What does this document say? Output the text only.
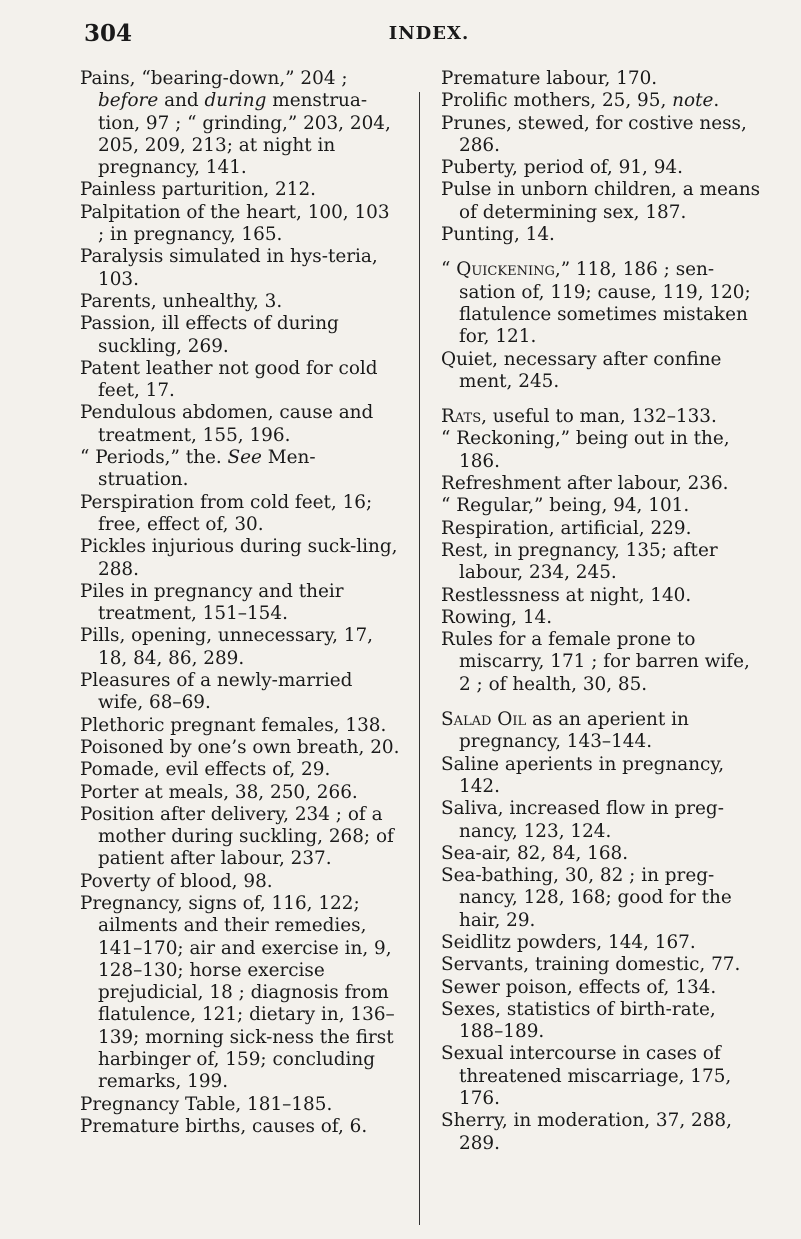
304	INDEX.
Pains, “bearing-down,” 204 ; before and during menstrua-tion, 97 ; “ grinding,” 203, 204, 205, 209, 213; at night in pregnancy, 141.
Painless parturition, 212.
Palpitation of the heart, 100, 103 ; in pregnancy, 165.
Paralysis simulated in hys-teria, 103.
Parents, unhealthy, 3.
Passion, ill effects of during suckling, 269.
Patent leather not good for cold feet, 17.
Pendulous abdomen, cause and treatment, 155, 196.
“ Periods,” the. See Men-struation.
Perspiration from cold feet, 16; free, effect of, 30.
Pickles injurious during suck-ling, 288.
Piles in pregnancy and their treatment, 151–154.
Pills, opening, unnecessary, 17, 18, 84, 86, 289.
Pleasures of a newly-married wife, 68–69.
Plethoric pregnant females, 138.
Poisoned by one’s own breath, 20.
Pomade, evil effects of, 29.
Porter at meals, 38, 250, 266.
Position after delivery, 234 ; of a mother during suckling, 268; of patient after labour, 237.
Poverty of blood, 98.
Pregnancy, signs of, 116, 122; ailments and their remedies, 141–170; air and exercise in, 9, 128–130; horse exercise prejudicial, 18 ; diagnosis from flatulence, 121; dietary in, 136–139; morning sick-ness the first harbinger of, 159; concluding remarks, 199.
Pregnancy Table, 181–185.
Premature births, causes of, 6.
Premature labour, 170.
Prolific mothers, 25, 95, note.
Prunes, stewed, for costive ness, 286.
Puberty, period of, 91, 94.
Pulse in unborn children, a means of determining sex, 187.
Punting, 14.
“ Quickening,” 118, 186 ; sen-sation of, 119; cause, 119, 120; flatulence sometimes mistaken for, 121.
Quiet, necessary after confine ment, 245.
Rats, useful to man, 132–133.
“ Reckoning,” being out in the, 186.
Refreshment after labour, 236.
“ Regular,” being, 94, 101.
Respiration, artificial, 229.
Rest, in pregnancy, 135; after labour, 234, 245.
Restlessness at night, 140.
Rowing, 14.
Rules for a female prone to miscarry, 171 ; for barren wife, 2 ; of health, 30, 85.
Salad Oil as an aperient in pregnancy, 143–144.
Saline aperients in pregnancy, 142.
Saliva, increased flow in preg-nancy, 123, 124.
Sea-air, 82, 84, 168.
Sea-bathing, 30, 82 ; in preg-nancy, 128, 168; good for the hair, 29.
Seidlitz powders, 144, 167.
Servants, training domestic, 77.
Sewer poison, effects of, 134.
Sexes, statistics of birth-rate, 188–189.
Sexual intercourse in cases of threatened miscarriage, 175, 176.
Sherry, in moderation, 37, 288, 289.
